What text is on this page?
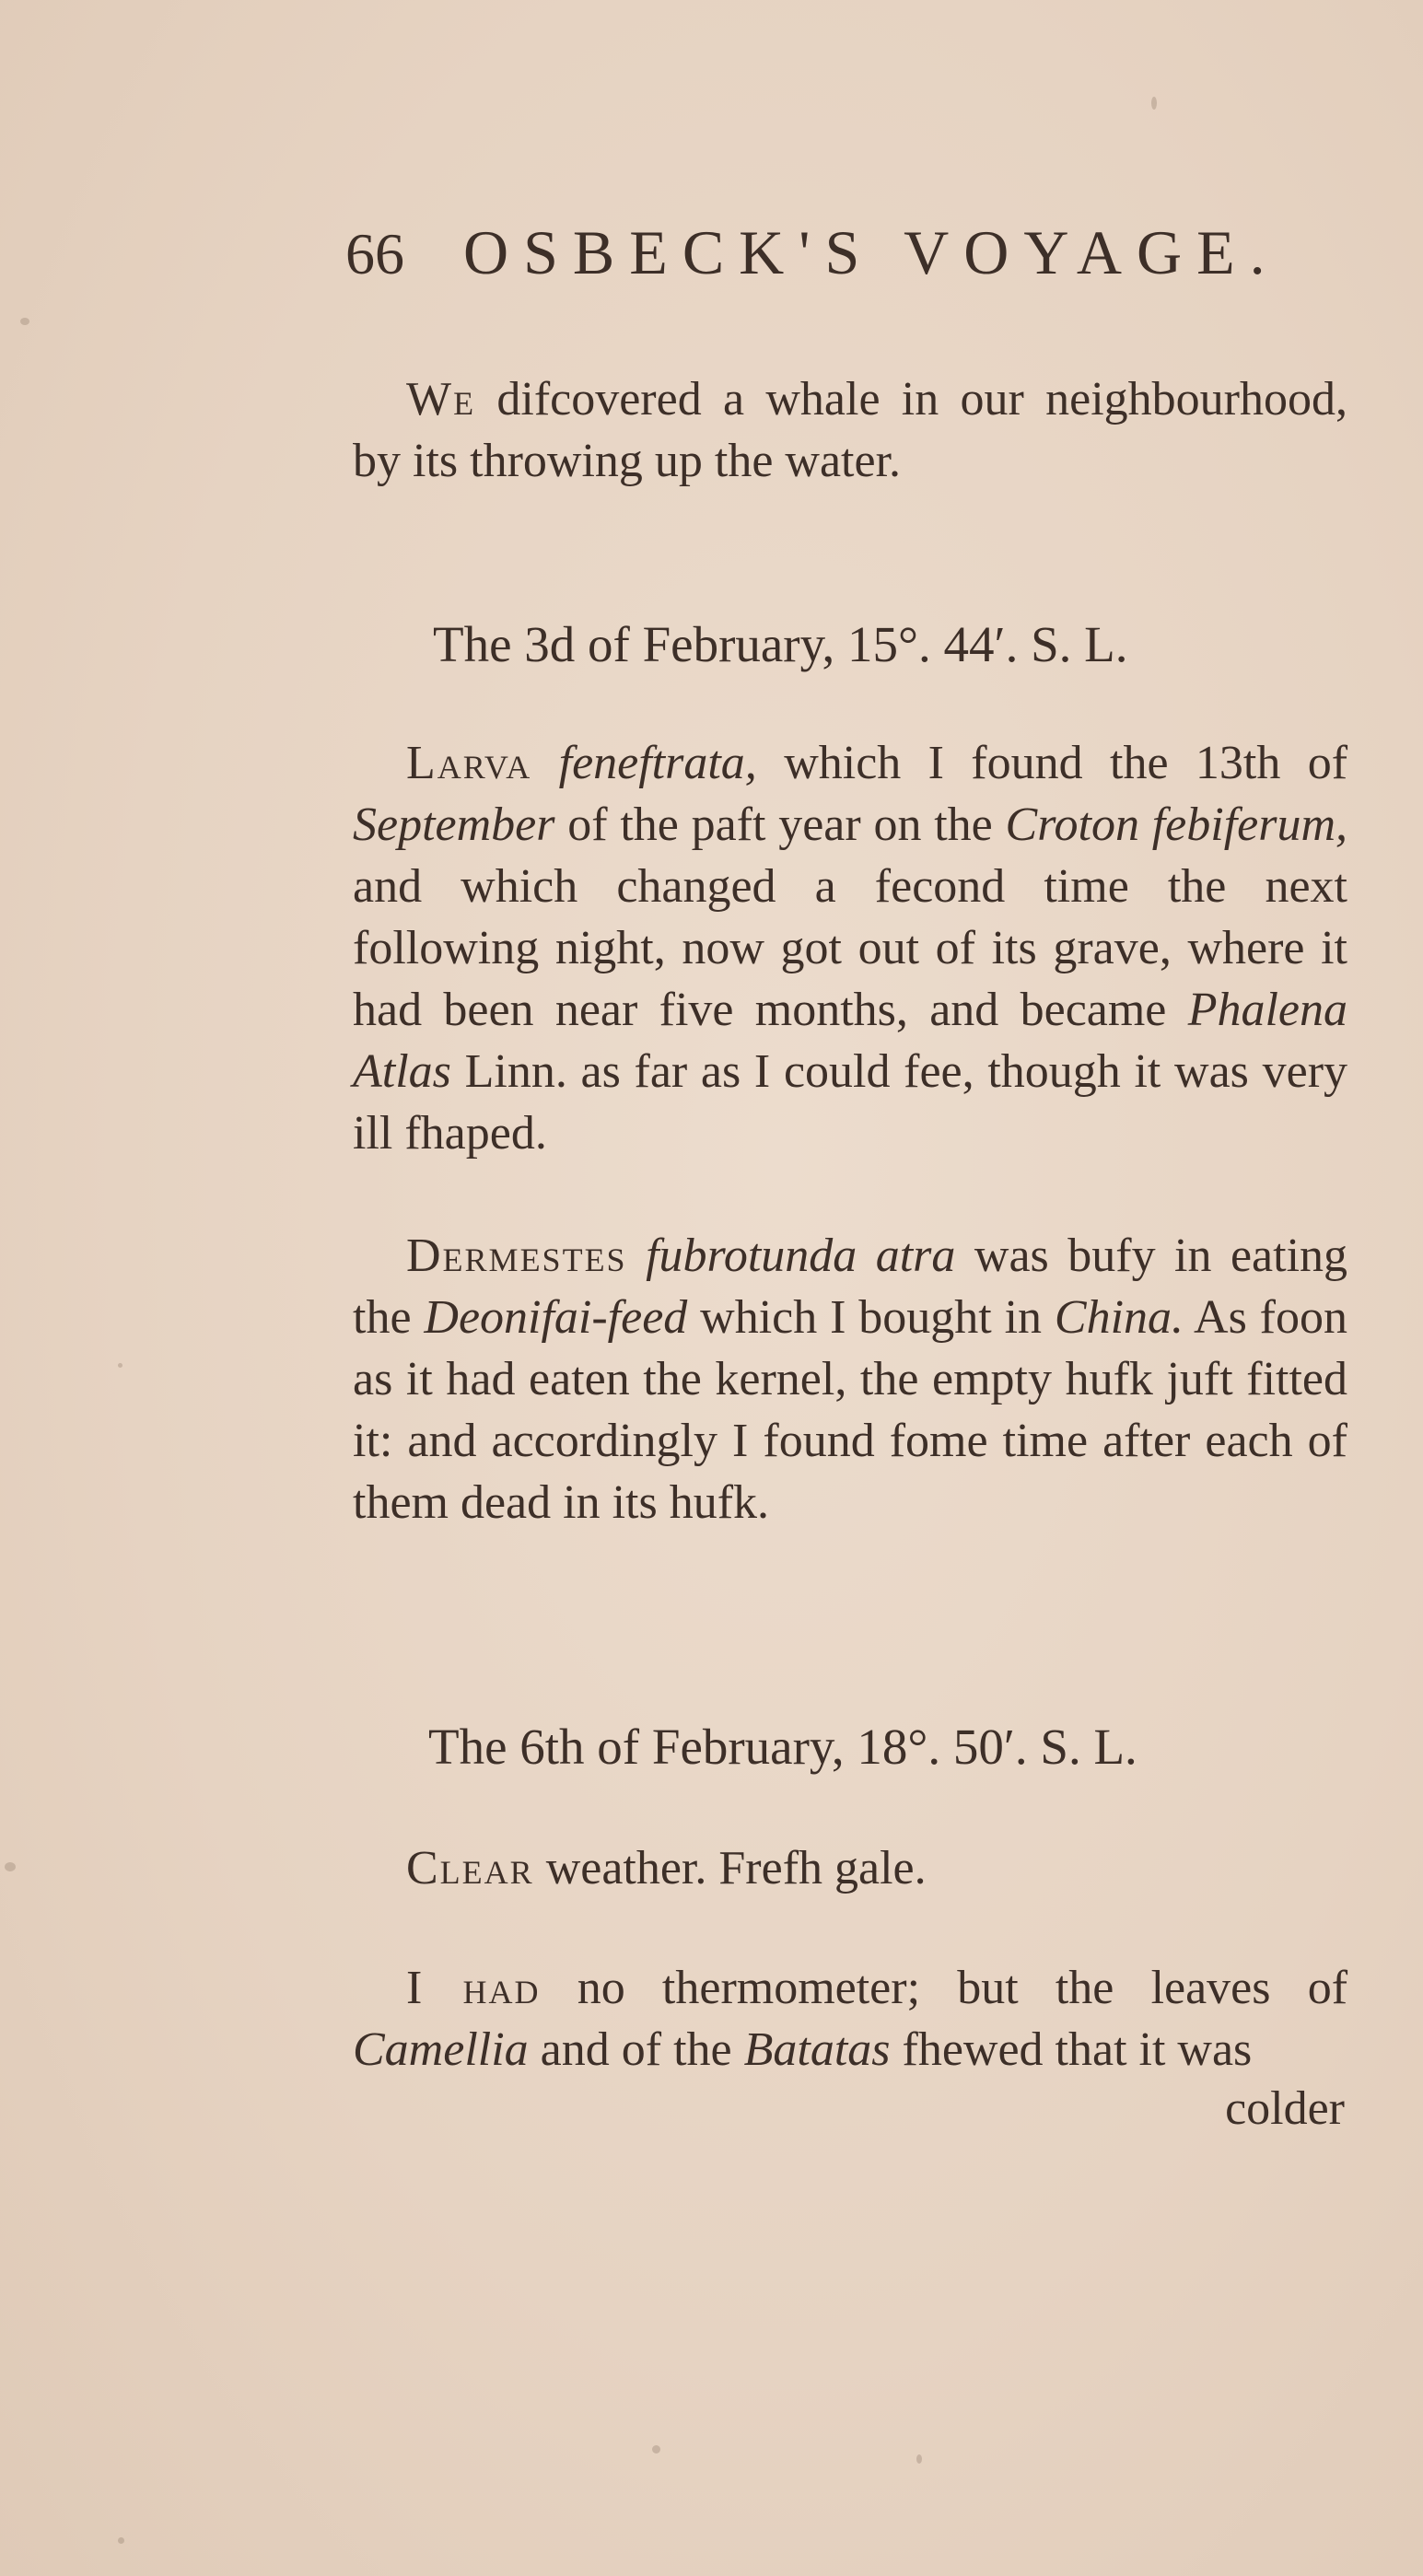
66 OSBECK'S VOYAGE.

We difcovered a whale in our neighbourhood, by its throwing up the water.

The 3d of February, 15°. 44′. S. L.

Larva feneftrata, which I found the 13th of September of the paft year on the Croton febiferum, and which changed a fecond time the next following night, now got out of its grave, where it had been near five months, and became Phalena Atlas Linn. as far as I could fee, though it was very ill fhaped.

Dermestes fubrotunda atra was bufy in eating the Deonifai-feed which I bought in China. As foon as it had eaten the kernel, the empty hufk juft fitted it: and accordingly I found fome time after each of them dead in its hufk.

The 6th of February, 18°. 50′. S. L.

Clear weather. Frefh gale.

I had no thermometer; but the leaves of Camellia and of the Batatas fhewed that it was

colder
